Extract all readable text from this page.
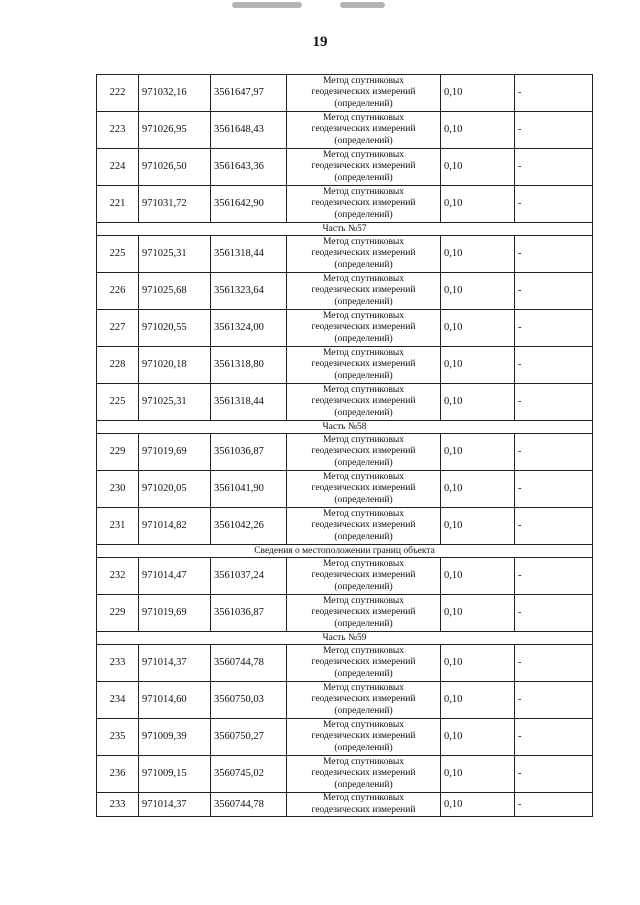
19
222	971032,16	3561647,97	Метод спутниковых
геодезических измерений
(определений)	0,10	-
223	971026,95	3561648,43	Метод спутниковых
геодезических измерений
(определений)	0,10	-
224	971026,50	3561643,36	Метод спутниковых
геодезических измерений
(определений)	0,10	-
221	971031,72	3561642,90	Метод спутниковых
геодезических измерений
(определений)	0,10	-
Часть №57					
225	971025,31	3561318,44	Метод спутниковых
геодезических измерений
(определений)	0,10	-
226	971025,68	3561323,64	Метод спутниковых
геодезических измерений
(определений)	0,10	-
227	971020,55	3561324,00	Метод спутниковых
геодезических измерений
(определений)	0,10	-
228	971020,18	3561318,80	Метод спутниковых
геодезических измерений
(определений)	0,10	-
225	971025,31	3561318,44	Метод спутниковых
геодезических измерений
(определений)	0,10	-
Часть №58					
229	971019,69	3561036,87	Метод спутниковых
геодезических измерений
(определений)	0,10	-
230	971020,05	3561041,90	Метод спутниковых
геодезических измерений
(определений)	0,10	-
231	971014,82	3561042,26	Метод спутниковых
геодезических измерений
(определений)	0,10	-
Сведения о местоположении границ объекта					
232	971014,47	3561037,24	Метод спутниковых
геодезических измерений
(определений)	0,10	-
229	971019,69	3561036,87	Метод спутниковых
геодезических измерений
(определений)	0,10	-
Часть №59					
233	971014,37	3560744,78	Метод спутниковых
геодезических измерений
(определений)	0,10	-
234	971014,60	3560750,03	Метод спутниковых
геодезических измерений
(определений)	0,10	-
235	971009,39	3560750,27	Метод спутниковых
геодезических измерений
(определений)	0,10	-
236	971009,15	3560745,02	Метод спутниковых
геодезических измерений
(определений)	0,10	-
233	971014,37	3560744,78	Метод спутниковых
геодезических измерений	0,10	-
